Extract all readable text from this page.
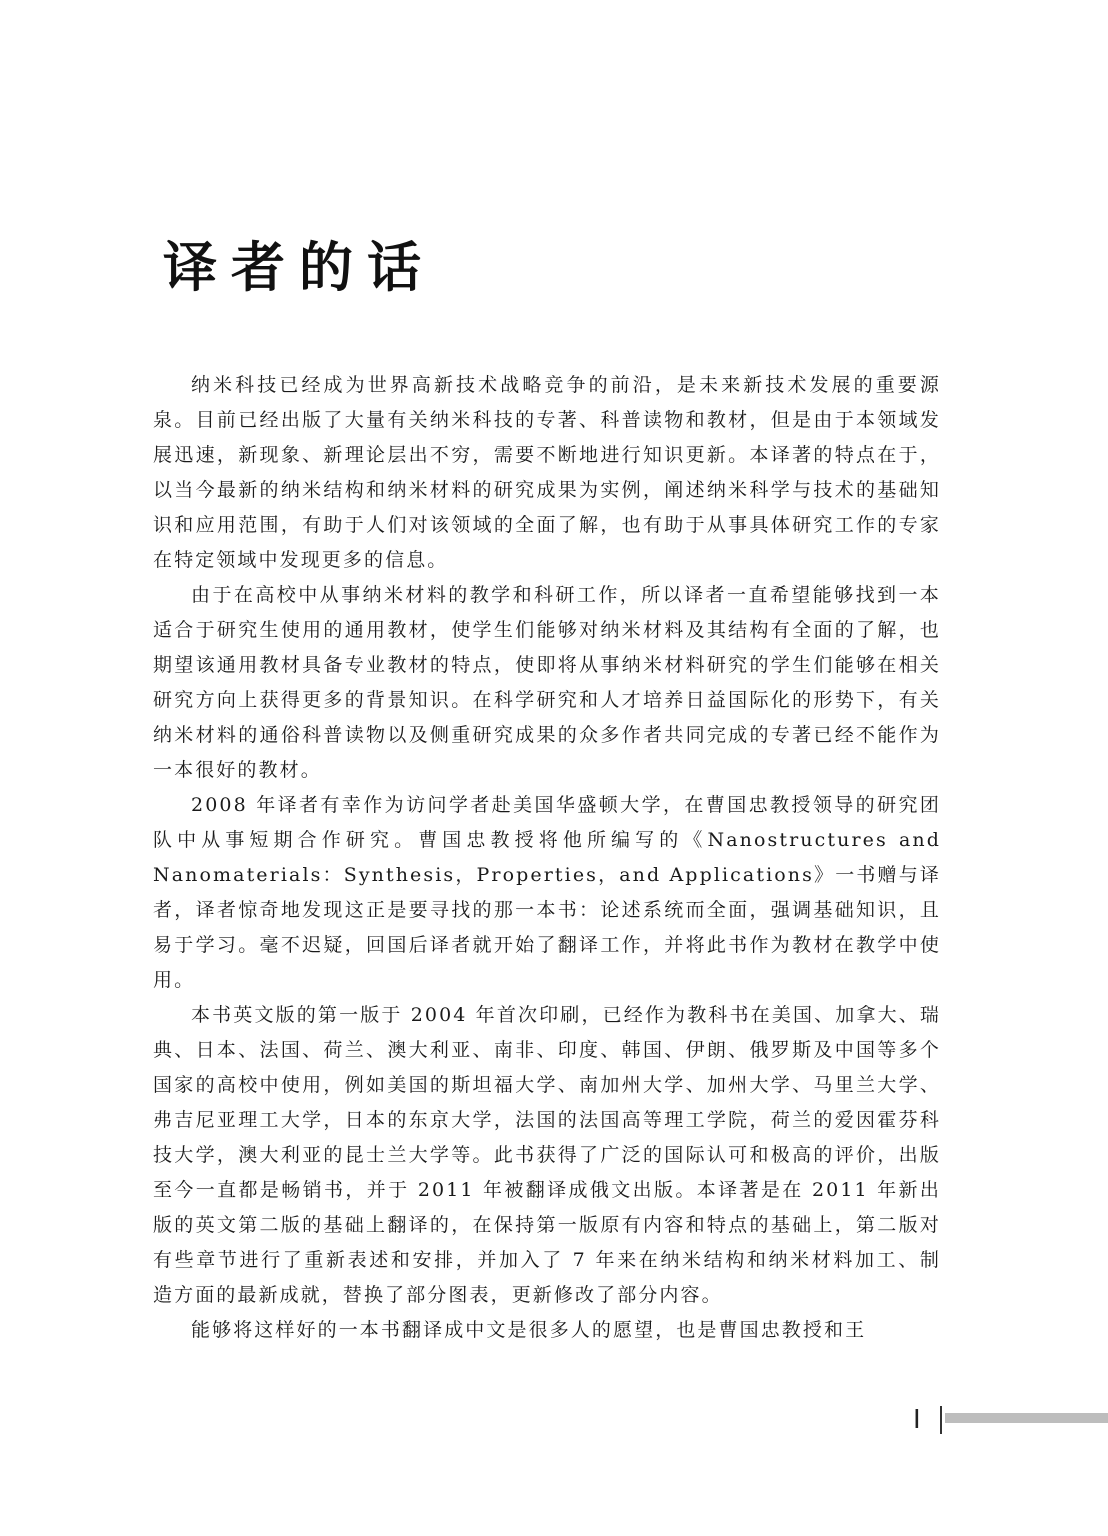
译者的话

纳米科技已经成为世界高新技术战略竞争的前沿，是未来新技术发展的重要源泉。目前已经出版了大量有关纳米科技的专著、科普读物和教材，但是由于本领域发展迅速，新现象、新理论层出不穷，需要不断地进行知识更新。本译著的特点在于，以当今最新的纳米结构和纳米材料的研究成果为实例，阐述纳米科学与技术的基础知识和应用范围，有助于人们对该领域的全面了解，也有助于从事具体研究工作的专家在特定领域中发现更多的信息。

由于在高校中从事纳米材料的教学和科研工作，所以译者一直希望能够找到一本适合于研究生使用的通用教材，使学生们能够对纳米材料及其结构有全面的了解，也期望该通用教材具备专业教材的特点，使即将从事纳米材料研究的学生们能够在相关研究方向上获得更多的背景知识。在科学研究和人才培养日益国际化的形势下，有关纳米材料的通俗科普读物以及侧重研究成果的众多作者共同完成的专著已经不能作为一本很好的教材。

2008 年译者有幸作为访问学者赴美国华盛顿大学，在曹国忠教授领导的研究团队中从事短期合作研究。曹国忠教授将他所编写的《Nanostructures and Nanomaterials：Synthesis，Properties，and Applications》一书赠与译者，译者惊奇地发现这正是要寻找的那一本书：论述系统而全面，强调基础知识，且易于学习。毫不迟疑，回国后译者就开始了翻译工作，并将此书作为教材在教学中使用。

本书英文版的第一版于 2004 年首次印刷，已经作为教科书在美国、加拿大、瑞典、日本、法国、荷兰、澳大利亚、南非、印度、韩国、伊朗、俄罗斯及中国等多个国家的高校中使用，例如美国的斯坦福大学、南加州大学、加州大学、马里兰大学、弗吉尼亚理工大学，日本的东京大学，法国的法国高等理工学院，荷兰的爱因霍芬科技大学，澳大利亚的昆士兰大学等。此书获得了广泛的国际认可和极高的评价，出版至今一直都是畅销书，并于 2011 年被翻译成俄文出版。本译著是在 2011 年新出版的英文第二版的基础上翻译的，在保持第一版原有内容和特点的基础上，第二版对有些章节进行了重新表述和安排，并加入了 7 年来在纳米结构和纳米材料加工、制造方面的最新成就，替换了部分图表，更新修改了部分内容。

能够将这样好的一本书翻译成中文是很多人的愿望，也是曹国忠教授和王

Ⅰ
